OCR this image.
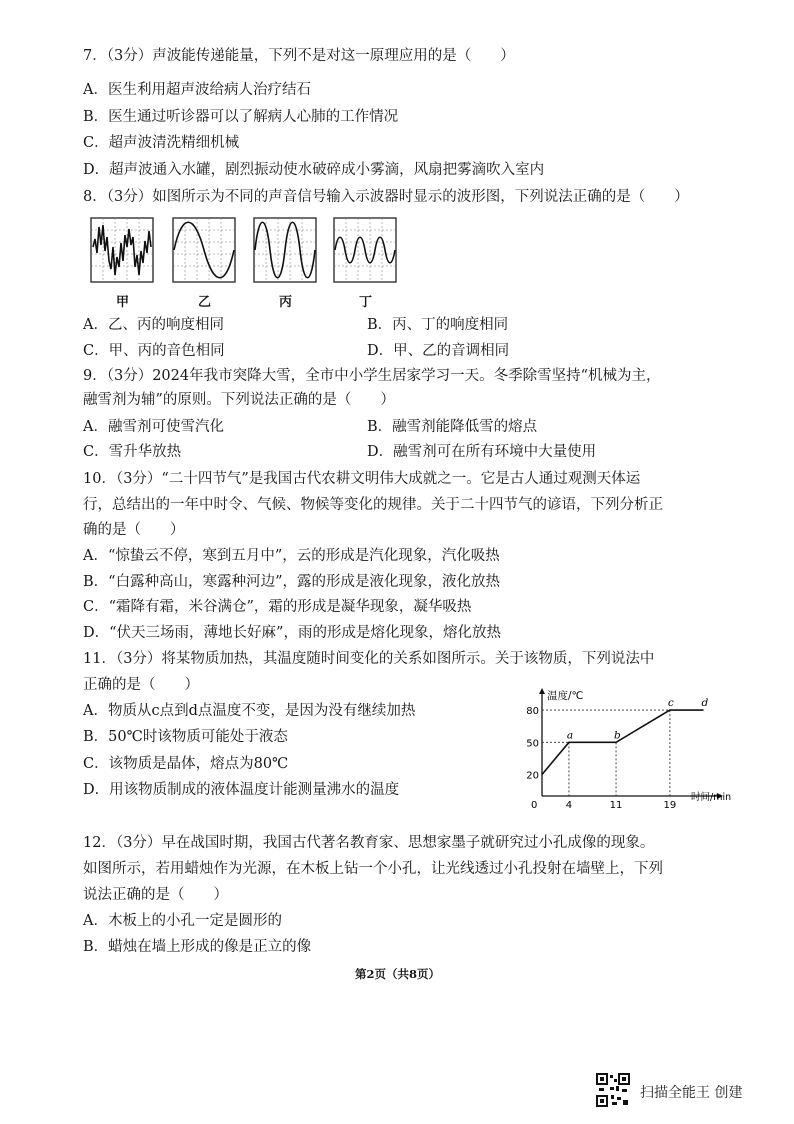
7．（3分）声波能传递能量，下列不是对这一原理应用的是（　　）
A．医生利用超声波给病人治疗结石
B．医生通过听诊器可以了解病人心肺的工作情况
C．超声波清洗精细机械
D．超声波通入水罐，剧烈振动使水破碎成小雾滴，风扇把雾滴吹入室内
8．（3分）如图所示为不同的声音信号输入示波器时显示的波形图，下列说法正确的是（　　）
甲	乙	丙	丁
A．乙、丙的响度相同	B．丙、丁的响度相同
C．甲、丙的音色相同	D．甲、乙的音调相同
9．（3分）2024年我市突降大雪，全市中小学生居家学习一天。冬季除雪坚持“机械为主，
融雪剂为辅”的原则。下列说法正确的是（　　）
A．融雪剂可使雪汽化	B．融雪剂能降低雪的熔点
C．雪升华放热	D．融雪剂可在所有环境中大量使用
10．（3分）“二十四节气”是我国古代农耕文明伟大成就之一。它是古人通过观测天体运
行，总结出的一年中时令、气候、物候等变化的规律。关于二十四节气的谚语，下列分析正
确的是（　　）
A．“惊蛰云不停，寒到五月中”，云的形成是汽化现象，汽化吸热
B．“白露种高山，寒露种河边”，露的形成是液化现象，液化放热
C．“霜降有霜，米谷满仓”，霜的形成是凝华现象，凝华吸热
D．“伏天三场雨，薄地长好麻”，雨的形成是熔化现象，熔化放热
11．（3分）将某物质加热，其温度随时间变化的关系如图所示。关于该物质，下列说法中
正确的是（　　）
A．物质从c点到d点温度不变，是因为没有继续加热
B．50℃时该物质可能处于液态
C．该物质是晶体，熔点为80℃
D．用该物质制成的液体温度计能测量沸水的温度
温度/℃
时间/min
0
20
50
80
4	11	19
a	b
c	d
12．（3分）早在战国时期，我国古代著名教育家、思想家墨子就研究过小孔成像的现象。
如图所示，若用蜡烛作为光源，在木板上钻一个小孔，让光线透过小孔投射在墙壁上，下列
说法正确的是（　　）
A．木板上的小孔一定是圆形的
B．蜡烛在墙上形成的像是正立的像
第2页（共8页）
扫描全能王 创建
